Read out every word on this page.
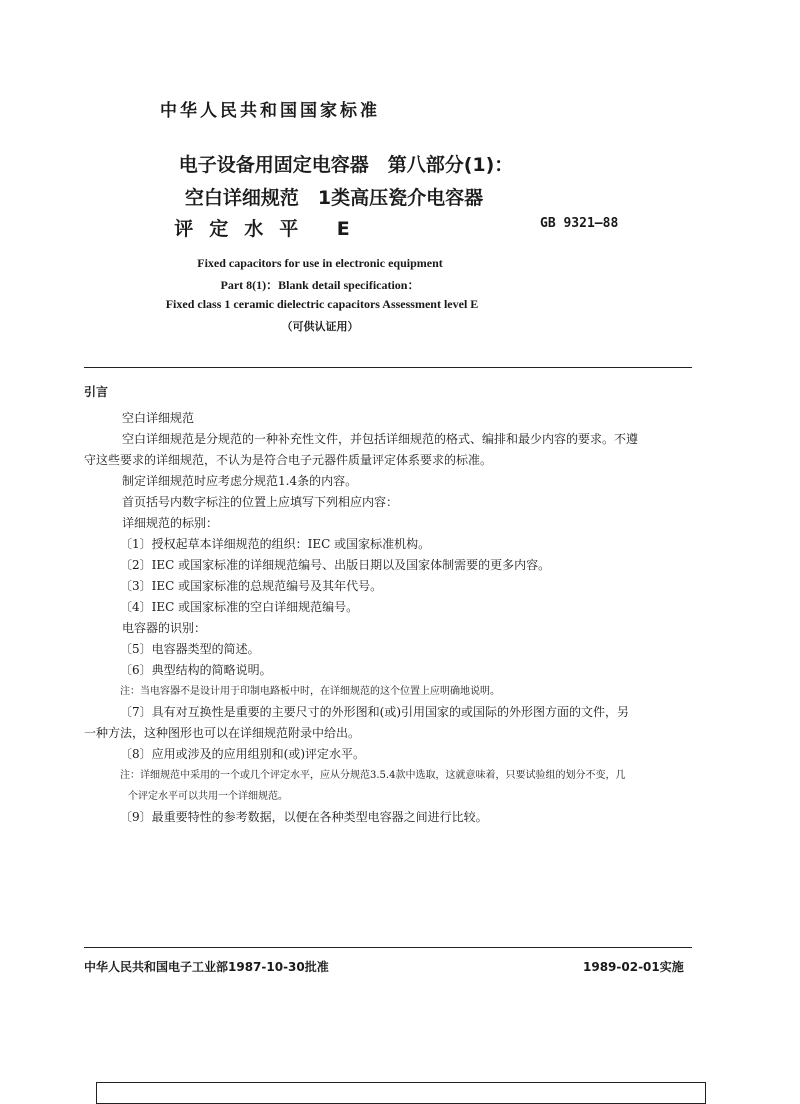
中华人民共和国国家标准
电子设备用固定电容器　第八部分(1)：
空白详细规范　1类高压瓷介电容器
评定水平 E	GB 9321—88
Fixed capacitors for use in electronic equipment
Part 8(1)：Blank detail specification：
Fixed class 1 ceramic dielectric capacitors Assessment level E
（可供认证用）
引言
空白详细规范
空白详细规范是分规范的一种补充性文件，并包括详细规范的格式、编排和最少内容的要求。不遵
守这些要求的详细规范，不认为是符合电子元器件质量评定体系要求的标准。
制定详细规范时应考虑分规范1.4条的内容。
首页括号内数字标注的位置上应填写下列相应内容：
详细规范的标别：
〔1〕授权起草本详细规范的组织：IEC 或国家标准机构。
〔2〕IEC 或国家标准的详细规范编号、出版日期以及国家体制需要的更多内容。
〔3〕IEC 或国家标准的总规范编号及其年代号。
〔4〕IEC 或国家标准的空白详细规范编号。
电容器的识别：
〔5〕电容器类型的简述。
〔6〕典型结构的简略说明。
注：当电容器不是设计用于印制电路板中时，在详细规范的这个位置上应明确地说明。
〔7〕具有对互换性是重要的主要尺寸的外形图和(或)引用国家的或国际的外形图方面的文件，另
一种方法，这种图形也可以在详细规范附录中给出。
〔8〕应用或涉及的应用组别和(或)评定水平。
注：详细规范中采用的一个或几个评定水平，应从分规范3.5.4款中选取，这就意味着，只要试验组的划分不变，几
个评定水平可以共用一个详细规范。
〔9〕最重要特性的参考数据，以便在各种类型电容器之间进行比较。
中华人民共和国电子工业部1987-10-30批准	1989-02-01实施
